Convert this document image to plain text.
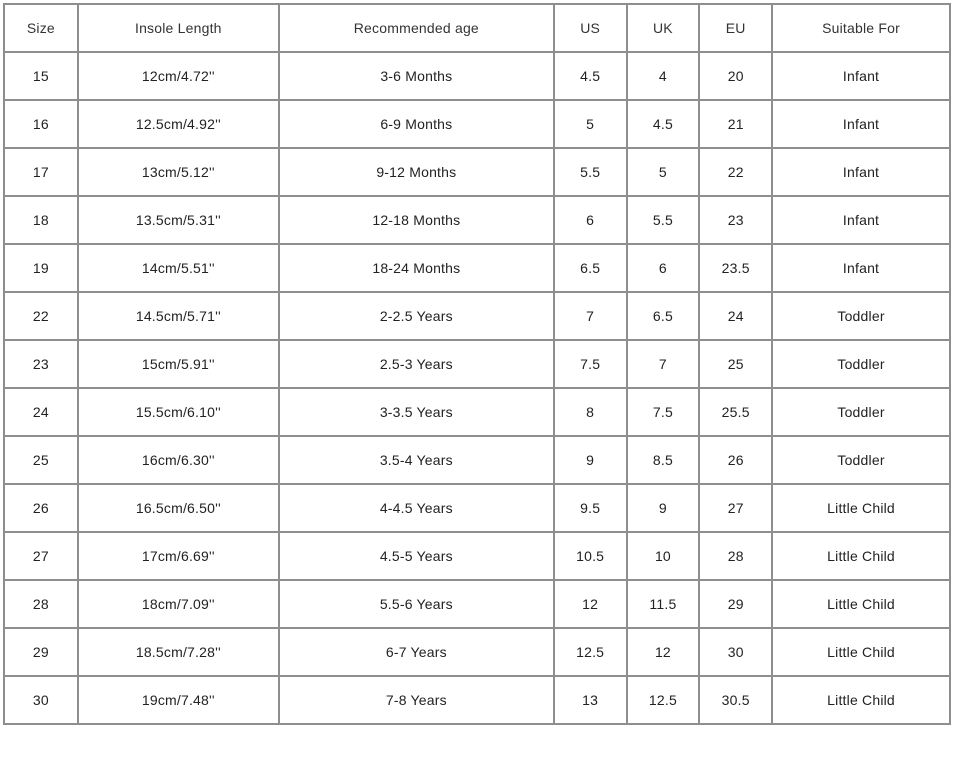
Size	Insole Length	Recommended age	US	UK	EU	Suitable For
15	12cm/4.72''	3-6 Months	4.5	4	20	Infant
16	12.5cm/4.92''	6-9 Months	5	4.5	21	Infant
17	13cm/5.12''	9-12 Months	5.5	5	22	Infant
18	13.5cm/5.31''	12-18 Months	6	5.5	23	Infant
19	14cm/5.51''	18-24 Months	6.5	6	23.5	Infant
22	14.5cm/5.71''	2-2.5 Years	7	6.5	24	Toddler
23	15cm/5.91''	2.5-3 Years	7.5	7	25	Toddler
24	15.5cm/6.10''	3-3.5 Years	8	7.5	25.5	Toddler
25	16cm/6.30''	3.5-4 Years	9	8.5	26	Toddler
26	16.5cm/6.50''	4-4.5 Years	9.5	9	27	Little Child
27	17cm/6.69''	4.5-5 Years	10.5	10	28	Little Child
28	18cm/7.09''	5.5-6 Years	12	11.5	29	Little Child
29	18.5cm/7.28''	6-7 Years	12.5	12	30	Little Child
30	19cm/7.48''	7-8 Years	13	12.5	30.5	Little Child
